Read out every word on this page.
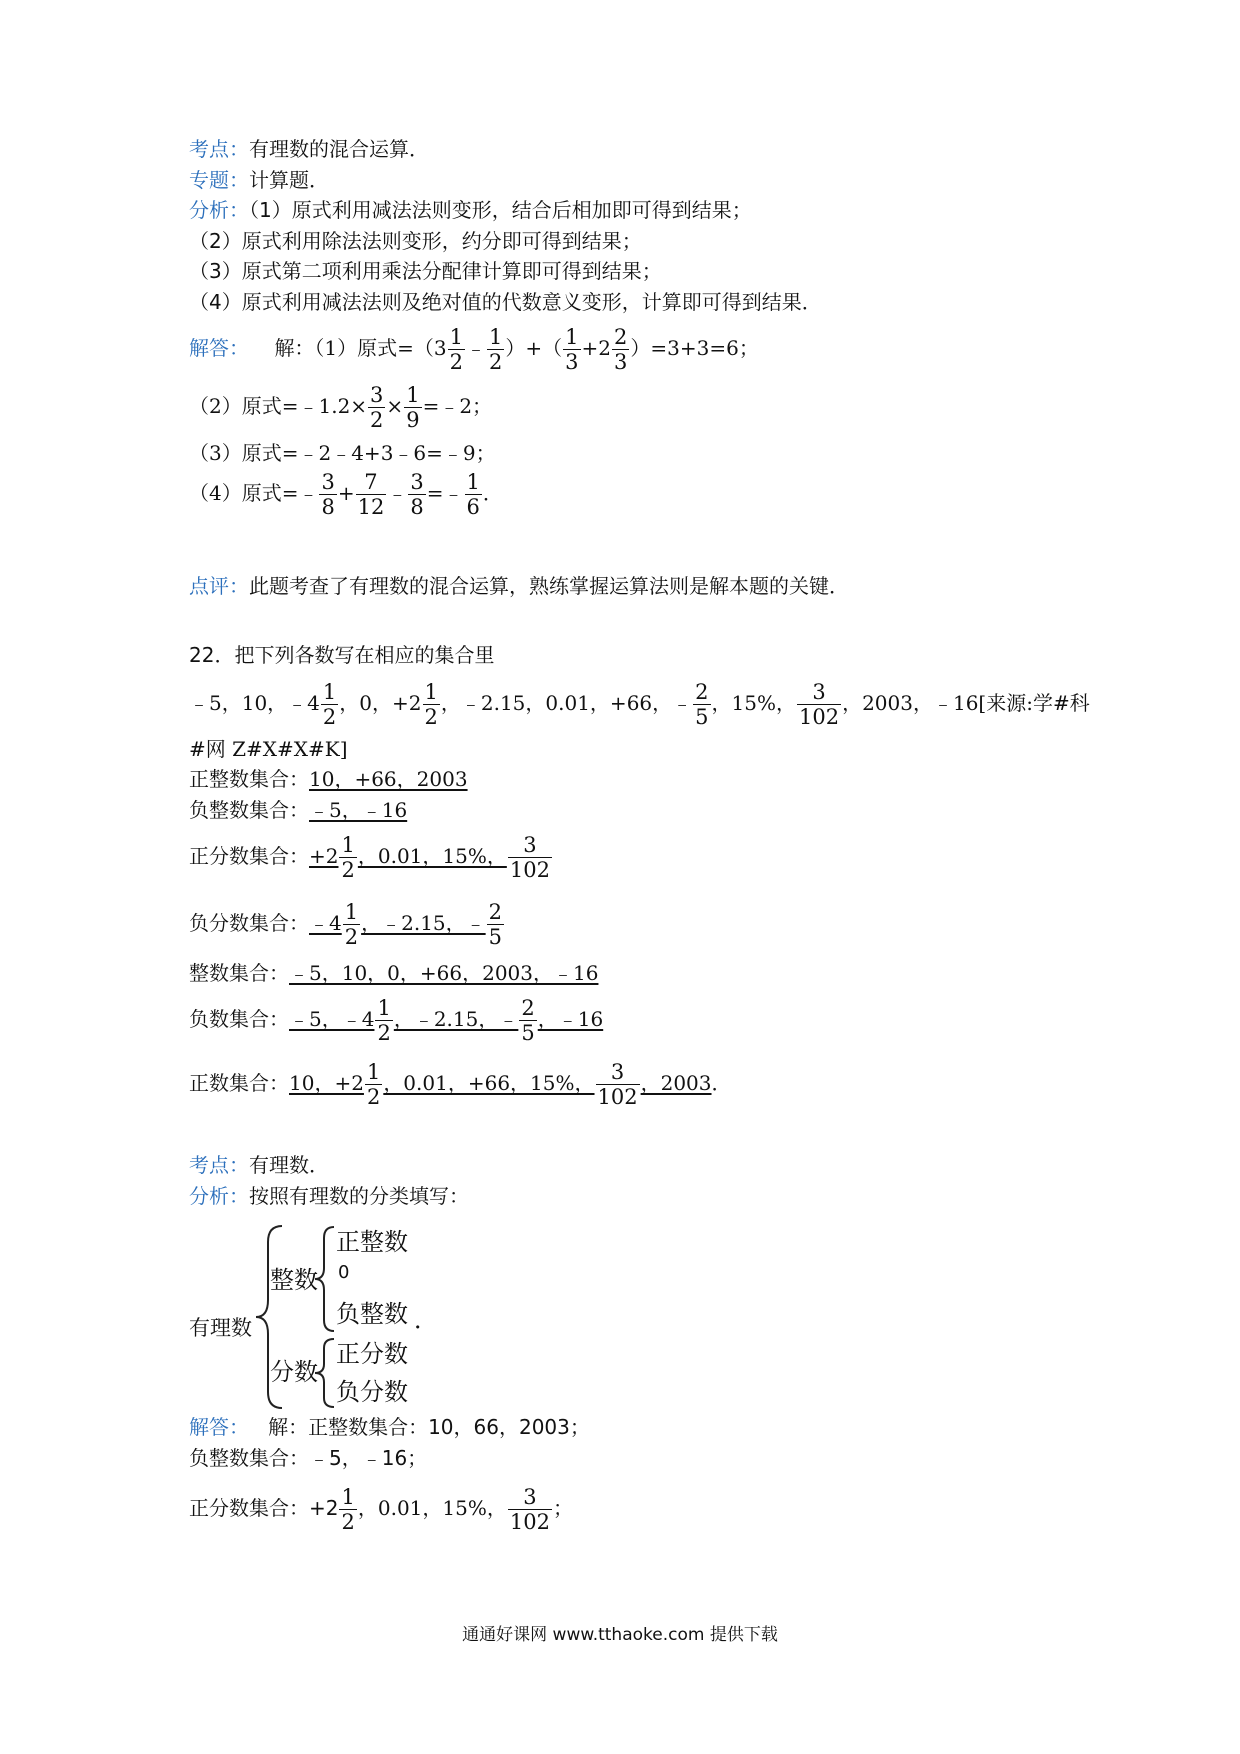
考点：有理数的混合运算．
专题：计算题．
分析：（1）原式利用减法法则变形，结合后相加即可得到结果；
（2）原式利用除法法则变形，约分即可得到结果；
（3）原式第二项利用乘法分配律计算即可得到结果；
（4）原式利用减法法则及绝对值的代数意义变形，计算即可得到结果．
解答： 解：（1）原式$=(3 \frac{1}{2}$ ﹣ $\frac{1}{2}$ ）+（ $\frac{1}{3} +2 \frac{2}{3} )=3+3=6$；
（2）原式=﹣1.2× $\frac{3}{2} \times \frac{1}{9}$ =﹣2；
（3）原式=﹣2﹣4+3﹣6=﹣9；
（4）原式=﹣ $\frac{3}{8} + \frac{7}{12}$ ﹣ $\frac{3}{8}$ =﹣ $\frac{1}{6}$ ．
点评：此题考查了有理数的混合运算，熟练掌握运算法则是解本题的关键．
22．把下列各数写在相应的集合里
﹣5，10，﹣4 $\frac{1}{2}$ ，0，$+2 \frac{1}{2}$ ，﹣2.15，0.01，+66，﹣ $\frac{2}{5}$ ，15%， $\frac{3}{102}$ ，2003，﹣16[来源:学#科
#网 Z#X#X#K]
正整数集合：10，+66，2003
负整数集合：﹣5，﹣16
正分数集合：$+2 \frac{1}{2}$ ，0.01，15%， $\frac{3}{102}$
负分数集合：﹣4 $\frac{1}{2}$ ，﹣2.15，﹣ $\frac{2}{5}$
整数集合：﹣5，10，0，+66，2003，﹣16
负数集合：﹣5，﹣4 $\frac{1}{2}$ ，﹣2.15，﹣ $\frac{2}{5}$ ，﹣16
正数集合：10，$+2 \frac{1}{2}$ ，0.01，+66，15%， $\frac{3}{102}$ ，2003．
考点：有理数．
分析：按照有理数的分类填写：
有理数
整数
正整数
0
负整数 ．
分数
正分数
负分数
解答： 解：正整数集合：10，66，2003；
负整数集合：﹣5，﹣16；
正分数集合：$+2 \frac{1}{2}$ ，0.01，15%， $\frac{3}{102}$ ；
通通好课网 www.tthaoke.com 提供下载
